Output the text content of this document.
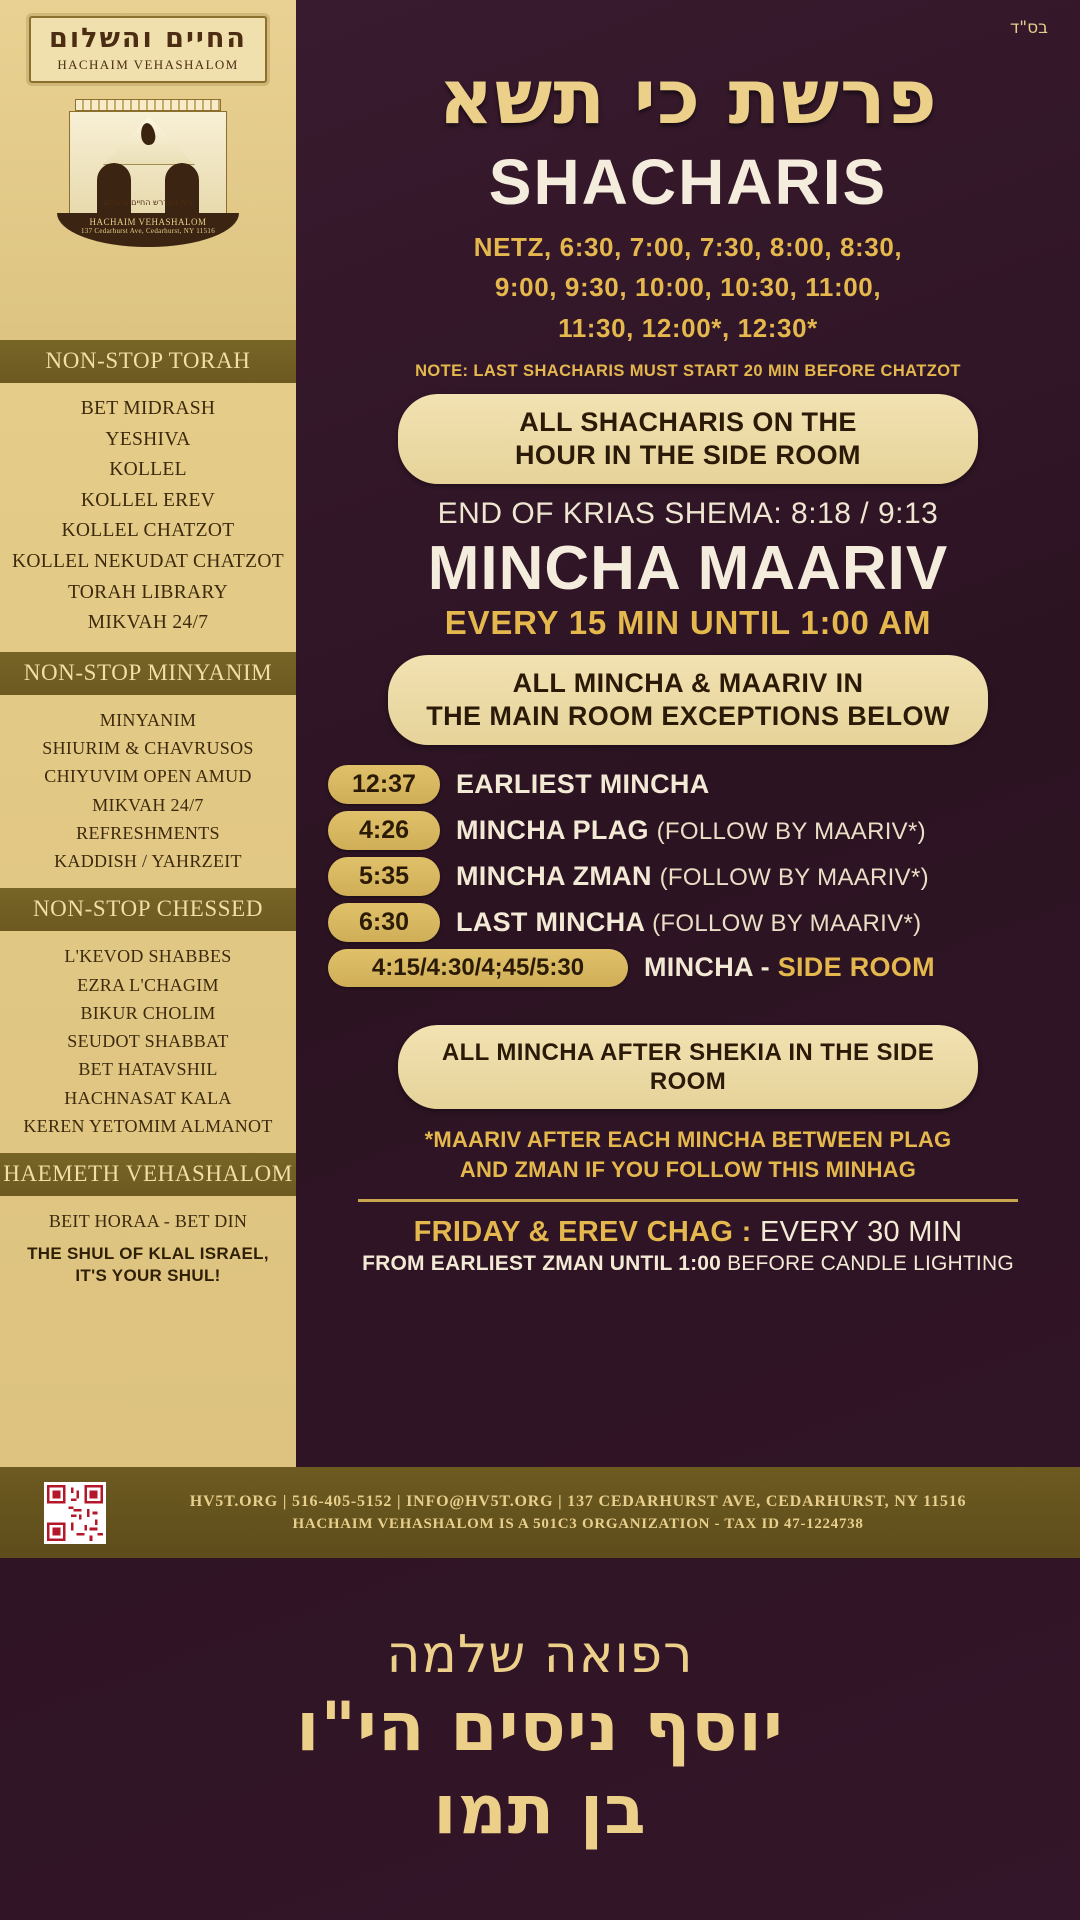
החיים והשלום
HACHAIM VEHASHALOM
בית המדרש החיים והשלום
HACHAIM VEHASHALOM
137 Cedarhurst Ave, Cedarhurst, NY 11516
NON-STOP TORAH
BET MIDRASH
YESHIVA
KOLLEL
KOLLEL EREV
KOLLEL CHATZOT
KOLLEL NEKUDAT CHATZOT
TORAH LIBRARY
MIKVAH 24/7
NON-STOP MINYANIM
MINYANIM
SHIURIM & CHAVRUSOS
CHIYUVIM OPEN AMUD
MIKVAH 24/7
REFRESHMENTS
KADDISH / YAHRZEIT
NON-STOP CHESSED
L'KEVOD SHABBES
EZRA L'CHAGIM
BIKUR CHOLIM
SEUDOT SHABBAT
BET HATAVSHIL
HACHNASAT KALA
KEREN YETOMIM ALMANOT
HAEMETH VEHASHALOM
BEIT HORAA - BET DIN
THE SHUL OF KLAL ISRAEL,
IT'S YOUR SHUL!
בס"ד
פרשת כי תשא
SHACHARIS
NETZ, 6:30, 7:00, 7:30, 8:00, 8:30,
9:00, 9:30, 10:00, 10:30, 11:00,
11:30, 12:00*, 12:30*
NOTE: LAST SHACHARIS MUST START 20 MIN BEFORE CHATZOT
ALL SHACHARIS ON THE
HOUR IN THE SIDE ROOM
END OF KRIAS SHEMA: 8:18 / 9:13
MINCHA MAARIV
EVERY 15 MIN UNTIL 1:00 AM
ALL MINCHA & MAARIV IN
THE MAIN ROOM EXCEPTIONS BELOW
12:37	EARLIEST MINCHA
4:26	MINCHA PLAG (FOLLOW BY MAARIV*)
5:35	MINCHA ZMAN (FOLLOW BY MAARIV*)
6:30	LAST MINCHA (FOLLOW BY MAARIV*)
4:15/4:30/4;45/5:30	MINCHA - SIDE ROOM
ALL MINCHA AFTER SHEKIA IN THE SIDE ROOM
*MAARIV AFTER EACH MINCHA BETWEEN PLAG
AND ZMAN IF YOU FOLLOW THIS MINHAG
FRIDAY & EREV CHAG : EVERY 30 MIN
FROM EARLIEST ZMAN UNTIL 1:00 BEFORE CANDLE LIGHTING
HV5T.ORG | 516-405-5152 | INFO@HV5T.ORG | 137 CEDARHURST AVE, CEDARHURST, NY 11516
HACHAIM VEHASHALOM IS A 501C3 ORGANIZATION - TAX ID 47-1224738
רפואה שלמה
יוסף ניסים הי"ו
בן תמו
